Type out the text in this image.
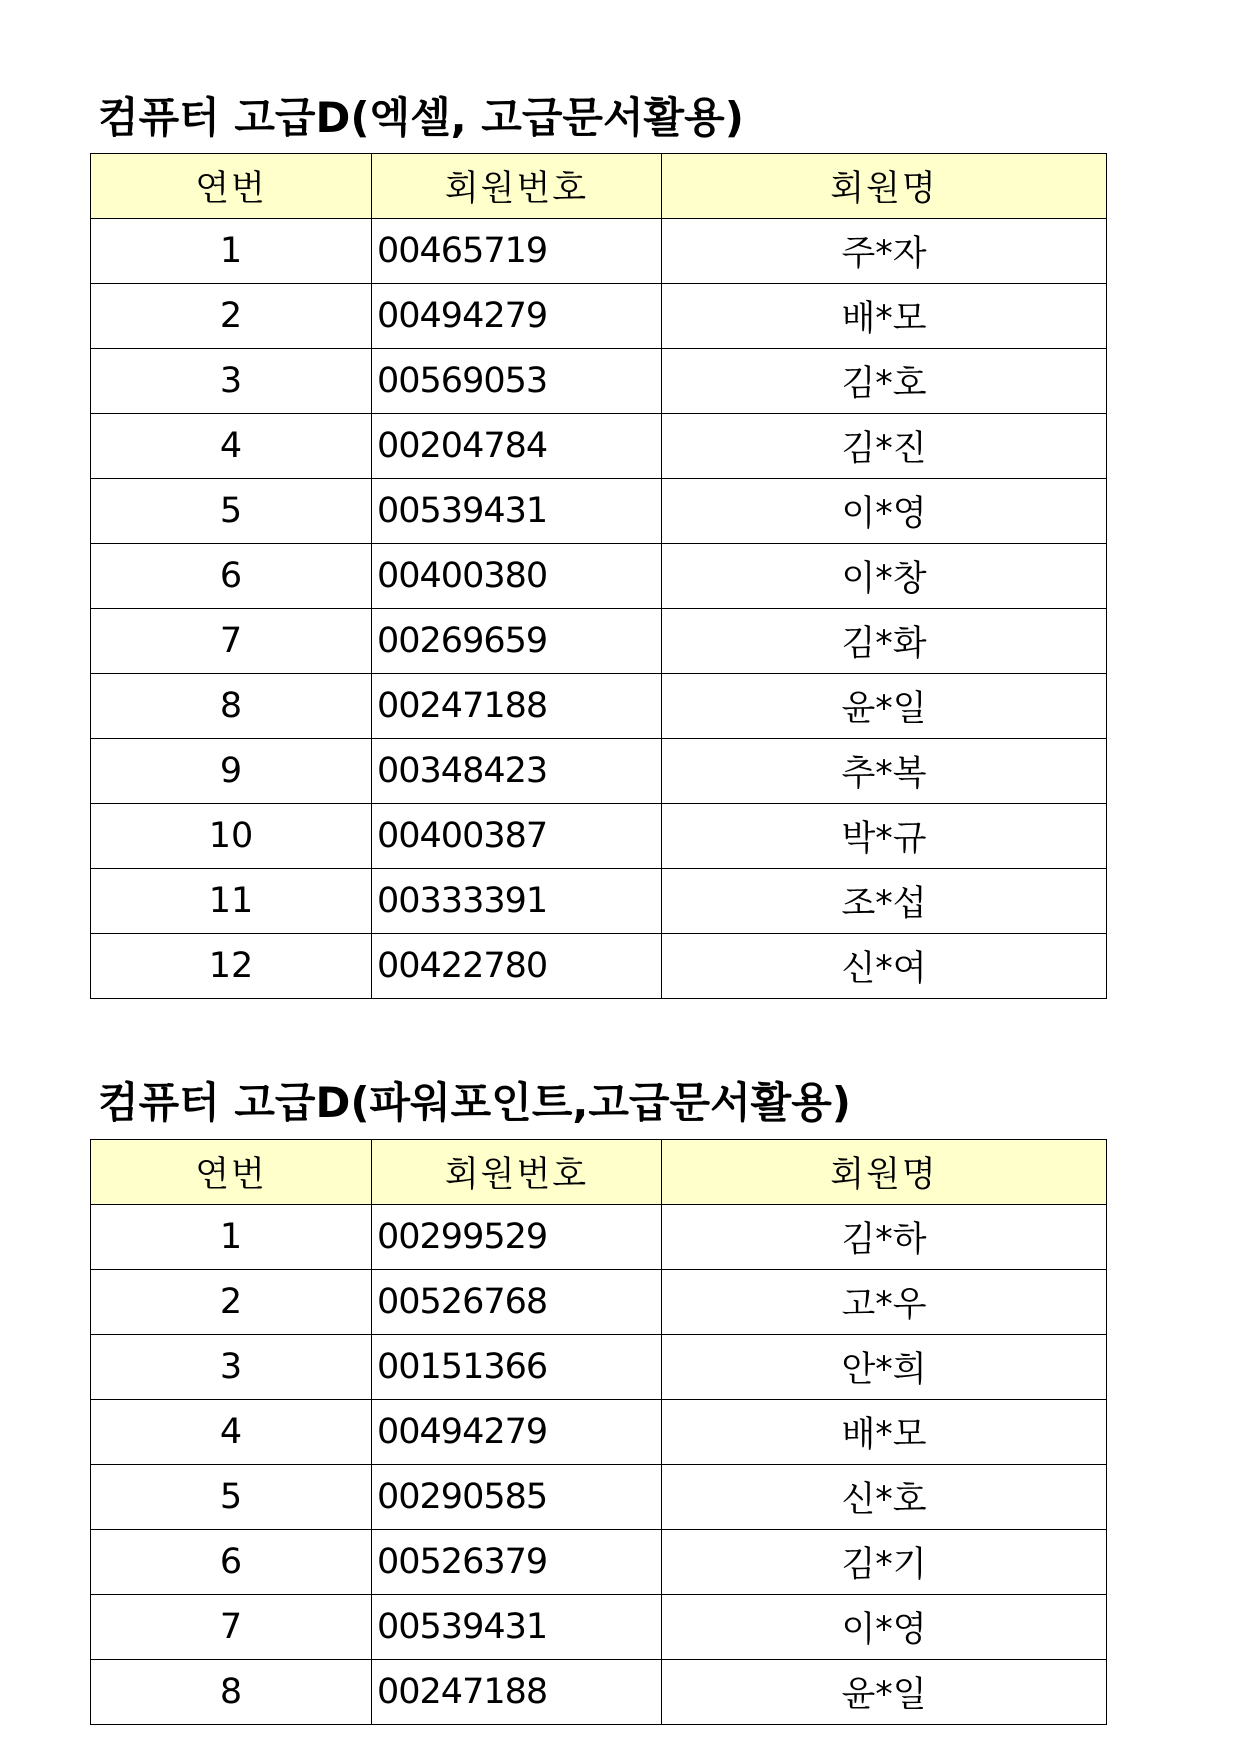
컴퓨터 고급D(엑셀, 고급문서활용)
연번	회원번호	회원명
1	00465719	주*자
2	00494279	배*모
3	00569053	김*호
4	00204784	김*진
5	00539431	이*영
6	00400380	이*창
7	00269659	김*화
8	00247188	윤*일
9	00348423	추*복
10	00400387	박*규
11	00333391	조*섭
12	00422780	신*여
컴퓨터 고급D(파워포인트,고급문서활용)
연번	회원번호	회원명
1	00299529	김*하
2	00526768	고*우
3	00151366	안*희
4	00494279	배*모
5	00290585	신*호
6	00526379	김*기
7	00539431	이*영
8	00247188	윤*일
